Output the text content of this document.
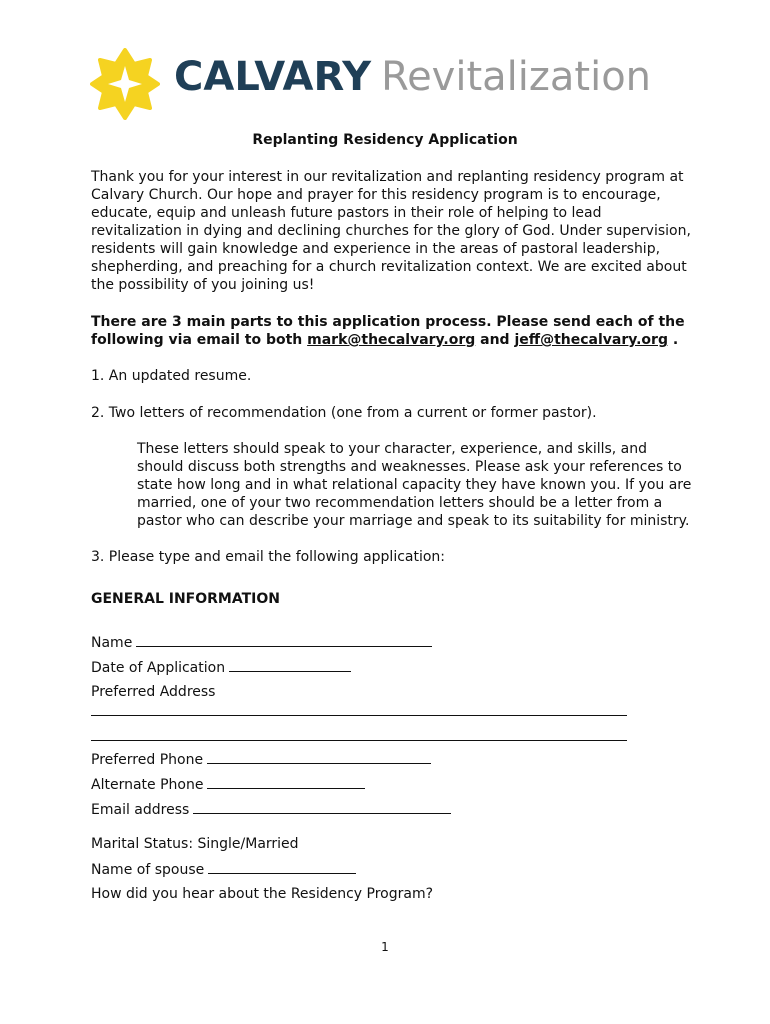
CALVARY Revitalization
Replanting Residency Application
Thank you for your interest in our revitalization and replanting residency program at Calvary Church. Our hope and prayer for this residency program is to encourage, educate, equip and unleash future pastors in their role of helping to lead revitalization in dying and declining churches for the glory of God. Under supervision, residents will gain knowledge and experience in the areas of pastoral leadership, shepherding, and preaching for a church revitalization context. We are excited about the possibility of you joining us!
There are 3 main parts to this application process. Please send each of the following via email to both mark@thecalvary.org and jeff@thecalvary.org .
1. An updated resume.
2. Two letters of recommendation (one from a current or former pastor).
These letters should speak to your character, experience, and skills, and should discuss both strengths and weaknesses. Please ask your references to state how long and in what relational capacity they have known you. If you are married, one of your two recommendation letters should be a letter from a pastor who can describe your marriage and speak to its suitability for ministry.
3. Please type and email the following application:
GENERAL INFORMATION
Name
Date of Application
Preferred Address
Preferred Phone
Alternate Phone
Email address
Marital Status: Single/Married
Name of spouse
How did you hear about the Residency Program?
1
